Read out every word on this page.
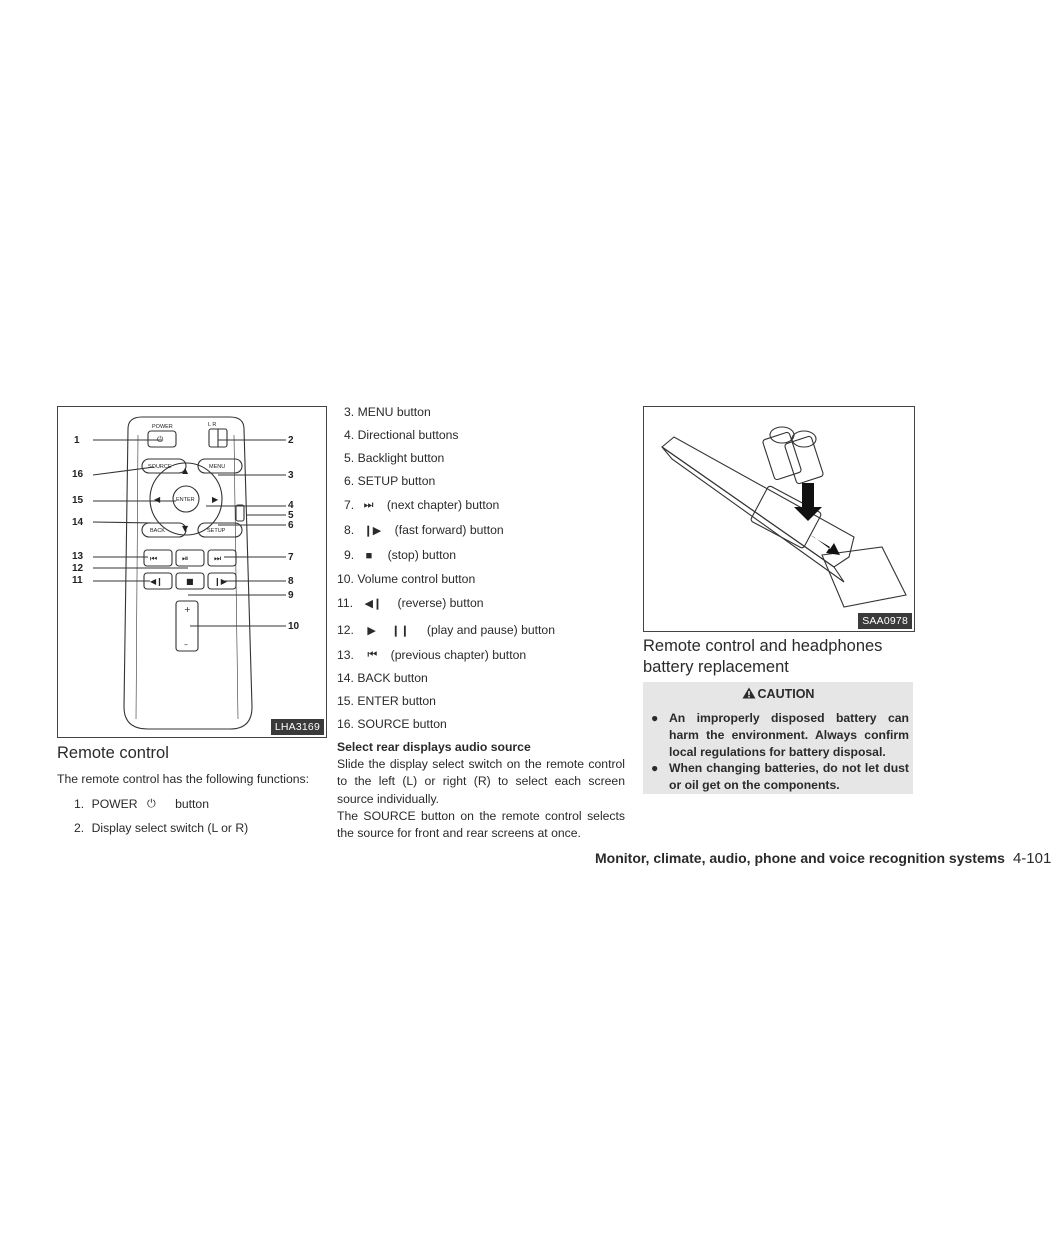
POWER	L R
SOURCE	MENU
ENTER
BACK	SETUP
⏻
▲
▼
◀	▶
⏮	⏯	⏭
◀❙	■	❙▶
+
–
1	2
16	3
15	4
5
14	6
13	7
12
11	8
9
10
LHA3169
Remote control

The remote control has the following functions:

1. POWER ⏻ button
2. Display select switch (L or R)
3. MENU button
4. Directional buttons
5. Backlight button
6. SETUP button
7. ⏭ (next chapter) button
8. ❙▶ (fast forward) button
9. ■ (stop) button
10. Volume control button
11. ◀❙ (reverse) button
12. ▶     ❙❙ (play and pause) button
13. ⏮ (previous chapter) button
14. BACK button
15. ENTER button
16. SOURCE button
Select rear displays audio source

Slide the display select switch on the remote control to the left (L) or right (R) to select each screen source individually.

The SOURCE button on the remote control selects the source for front and rear screens at once.

SAA0978
Remote control and headphones
battery replacement
CAUTION
● An improperly disposed battery can harm the environment. Always confirm local regulations for battery disposal.
● When changing batteries, do not let dust or oil get on the components.
Monitor, climate, audio, phone and voice recognition systems 4-101
